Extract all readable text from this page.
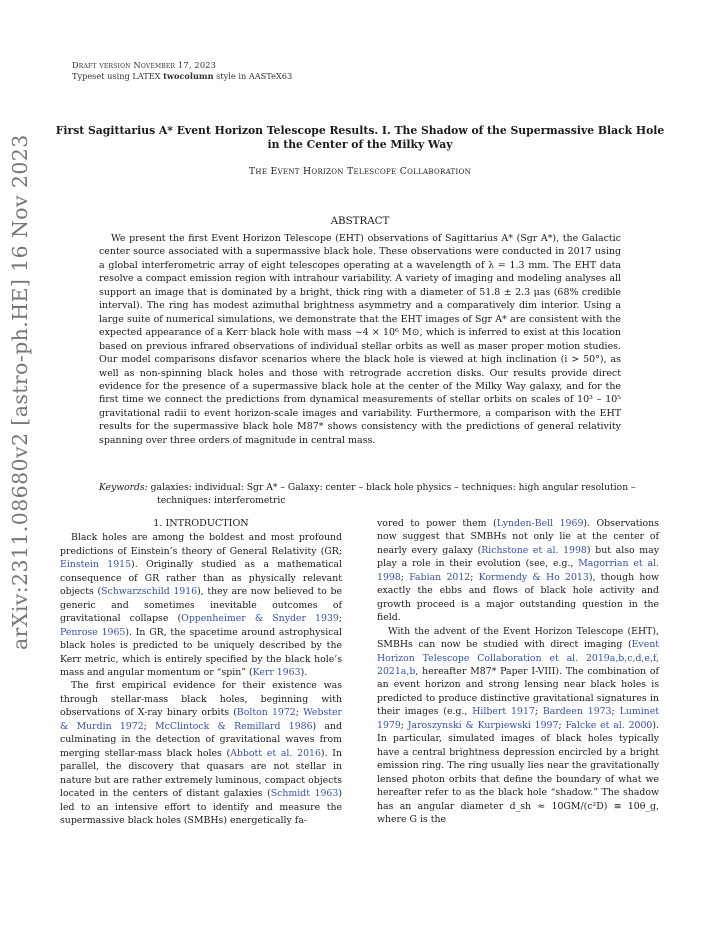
Draft version November 17, 2023
Typeset using LATEX twocolumn style in AASTeX63
arXiv:2311.08680v2 [astro-ph.HE] 16 Nov 2023
First Sagittarius A* Event Horizon Telescope Results. I. The Shadow of the Supermassive Black Hole
in the Center of the Milky Way
The Event Horizon Telescope Collaboration
ABSTRACT

We present the first Event Horizon Telescope (EHT) observations of Sagittarius A* (Sgr A*), the Galactic center source associated with a supermassive black hole. These observations were conducted in 2017 using a global interferometric array of eight telescopes operating at a wavelength of λ = 1.3 mm. The EHT data resolve a compact emission region with intrahour variability. A variety of imaging and modeling analyses all support an image that is dominated by a bright, thick ring with a diameter of 51.8 ± 2.3 μas (68% credible interval). The ring has modest azimuthal brightness asymmetry and a comparatively dim interior. Using a large suite of numerical simulations, we demonstrate that the EHT images of Sgr A* are consistent with the expected appearance of a Kerr black hole with mass ~4 × 10⁶ M⊙, which is inferred to exist at this location based on previous infrared observations of individual stellar orbits as well as maser proper motion studies. Our model comparisons disfavor scenarios where the black hole is viewed at high inclination (i > 50°), as well as non-spinning black holes and those with retrograde accretion disks. Our results provide direct evidence for the presence of a supermassive black hole at the center of the Milky Way galaxy, and for the first time we connect the predictions from dynamical measurements of stellar orbits on scales of 10³ – 10⁵ gravitational radii to event horizon-scale images and variability. Furthermore, a comparison with the EHT results for the supermassive black hole M87* shows consistency with the predictions of general relativity spanning over three orders of magnitude in central mass.

Keywords: galaxies: individual: Sgr A* – Galaxy: center – black hole physics – techniques: high angular resolution – techniques: interferometric
1. INTRODUCTION

Black holes are among the boldest and most profound predictions of Einstein’s theory of General Relativity (GR; Einstein 1915). Originally studied as a mathematical consequence of GR rather than as physically relevant objects (Schwarzschild 1916), they are now believed to be generic and sometimes inevitable outcomes of gravitational collapse (Oppenheimer & Snyder 1939; Penrose 1965). In GR, the spacetime around astrophysical black holes is predicted to be uniquely described by the Kerr metric, which is entirely specified by the black hole’s mass and angular momentum or “spin” (Kerr 1963).

The first empirical evidence for their existence was through stellar-mass black holes, beginning with observations of X-ray binary orbits (Bolton 1972; Webster & Murdin 1972; McClintock & Remillard 1986) and culminating in the detection of gravitational waves from merging stellar-mass black holes (Abbott et al. 2016). In parallel, the discovery that quasars are not stellar in nature but are rather extremely luminous, compact objects located in the centers of distant galaxies (Schmidt 1963) led to an intensive effort to identify and measure the supermassive black holes (SMBHs) energetically fa-

vored to power them (Lynden-Bell 1969). Observations now suggest that SMBHs not only lie at the center of nearly every galaxy (Richstone et al. 1998) but also may play a role in their evolution (see, e.g., Magorrian et al. 1998; Fabian 2012; Kormendy & Ho 2013), though how exactly the ebbs and flows of black hole activity and growth proceed is a major outstanding question in the field.

With the advent of the Event Horizon Telescope (EHT), SMBHs can now be studied with direct imaging (Event Horizon Telescope Collaboration et al. 2019a,b,c,d,e,f, 2021a,b, hereafter M87* Paper I-VIII). The combination of an event horizon and strong lensing near black holes is predicted to produce distinctive gravitational signatures in their images (e.g., Hilbert 1917; Bardeen 1973; Luminet 1979; Jaroszynski & Kurpiewski 1997; Falcke et al. 2000). In particular, simulated images of black holes typically have a central brightness depression encircled by a bright emission ring. The ring usually lies near the gravitationally lensed photon orbits that define the boundary of what we hereafter refer to as the black hole “shadow.” The shadow has an angular diameter d_sh ≈ 10GM/(c²D) ≡ 10θ_g, where G is the
